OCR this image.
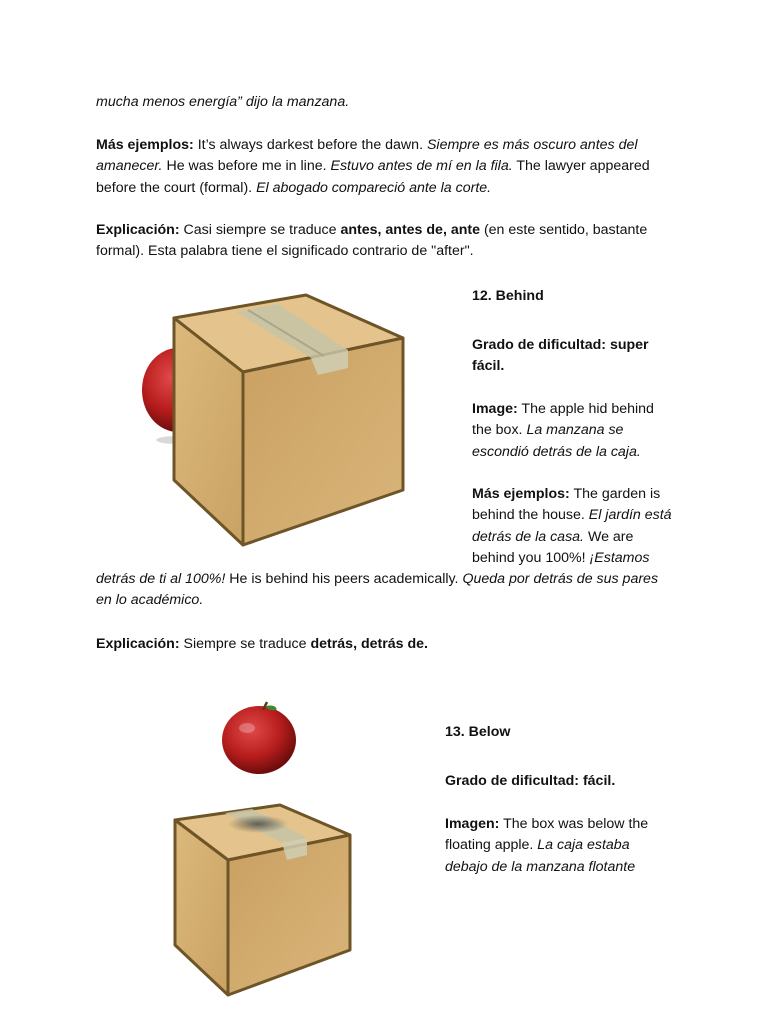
mucha menos energía” dijo la manzana.

Más ejemplos: It’s always darkest before the dawn. Siempre es más oscuro antes del amanecer. He was before me in line. Estuvo antes de mí en la fila. The lawyer appeared before the court (formal). El abogado compareció ante la corte.

Explicación: Casi siempre se traduce antes, antes de, ante (en este sentido, bastante formal). Esta palabra tiene el significado contrario de "after".

12. Behind

Grado de dificultad: super fácil.

Image: The apple hid behind the box. La manzana se escondió detrás de la caja.

Más ejemplos: The garden is behind the house. El jardín está detrás de la casa. We are behind you 100%! ¡Estamos

detrás de ti al 100%! He is behind his peers academically. Queda por detrás de sus pares en lo académico.

Explicación: Siempre se traduce detrás, detrás de.

13. Below

Grado de dificultad: fácil.

Imagen: The box was below the floating apple. La caja estaba debajo de la manzana flotante
